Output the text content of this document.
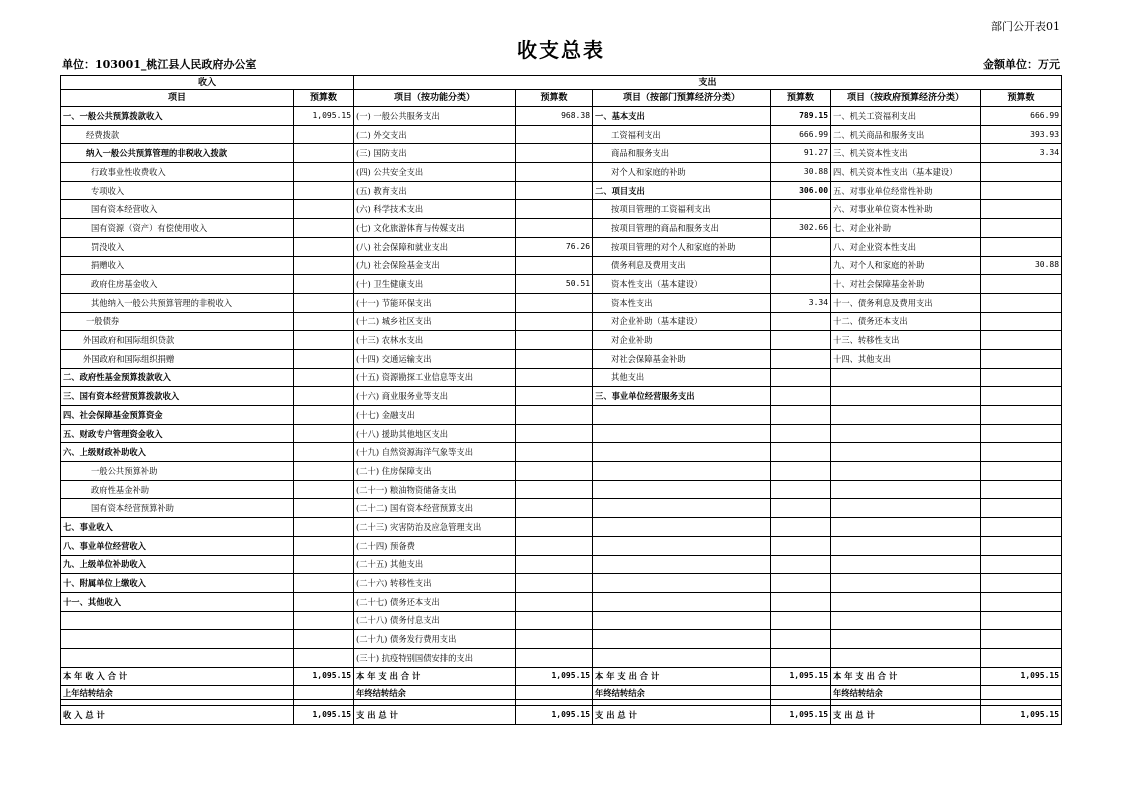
部门公开表01
收支总表
单位：103001_桃江县人民政府办公室	金额单位：万元
收入		支出					
项目	预算数	项目（按功能分类）	预算数	项目（按部门预算经济分类）	预算数	项目（按政府预算经济分类）	预算数
一、一般公共预算拨款收入	1,095.15	(一) 一般公共服务支出	968.38	一、基本支出	789.15	一、机关工资福利支出	666.99
经费拨款		(二) 外交支出		工资福利支出	666.99	二、机关商品和服务支出	393.93
纳入一般公共预算管理的非税收入拨款		(三) 国防支出		商品和服务支出	91.27	三、机关资本性支出	3.34
行政事业性收费收入		(四) 公共安全支出		对个人和家庭的补助	30.88	四、机关资本性支出（基本建设）	
专项收入		(五) 教育支出		二、项目支出	306.00	五、对事业单位经常性补助	
国有资本经营收入		(六) 科学技术支出		按项目管理的工资福利支出		六、对事业单位资本性补助	
国有资源（资产）有偿使用收入		(七) 文化旅游体育与传媒支出		按项目管理的商品和服务支出	302.66	七、对企业补助	
罚没收入		(八) 社会保障和就业支出	76.26	按项目管理的对个人和家庭的补助		八、对企业资本性支出	
捐赠收入		(九) 社会保险基金支出		债务利息及费用支出		九、对个人和家庭的补助	30.88
政府住房基金收入		(十) 卫生健康支出	50.51	资本性支出（基本建设）		十、对社会保障基金补助	
其他纳入一般公共预算管理的非税收入		(十一) 节能环保支出		资本性支出	3.34	十一、债务利息及费用支出	
一般债券		(十二) 城乡社区支出		对企业补助（基本建设）		十二、债务还本支出	
外国政府和国际组织贷款		(十三) 农林水支出		对企业补助		十三、转移性支出	
外国政府和国际组织捐赠		(十四) 交通运输支出		对社会保障基金补助		十四、其他支出	
二、政府性基金预算拨款收入		(十五) 资源勘探工业信息等支出		其他支出			
三、国有资本经营预算拨款收入		(十六) 商业服务业等支出		三、事业单位经营服务支出			
四、社会保障基金预算资金		(十七) 金融支出					
五、财政专户管理资金收入		(十八) 援助其他地区支出					
六、上级财政补助收入		(十九) 自然资源海洋气象等支出					
一般公共预算补助		(二十) 住房保障支出					
政府性基金补助		(二十一) 粮油物资储备支出					
国有资本经营预算补助		(二十二) 国有资本经营预算支出					
七、事业收入		(二十三) 灾害防治及应急管理支出					
八、事业单位经营收入		(二十四) 预备费					
九、上级单位补助收入		(二十五) 其他支出					
十、附属单位上缴收入		(二十六) 转移性支出					
十一、其他收入		(二十七) 债务还本支出					
		(二十八) 债务付息支出					
		(二十九) 债务发行费用支出					
		(三十) 抗疫特别国债安排的支出					
本 年 收 入 合 计	1,095.15	本 年 支 出 合 计	1,095.15	本 年 支 出 合 计	1,095.15	本 年 支 出 合 计	1,095.15
上年结转结余		年终结转结余		年终结转结余		年终结转结余	

收 入 总 计	1,095.15	支 出 总 计	1,095.15	支 出 总 计	1,095.15	支 出 总 计	1,095.15
